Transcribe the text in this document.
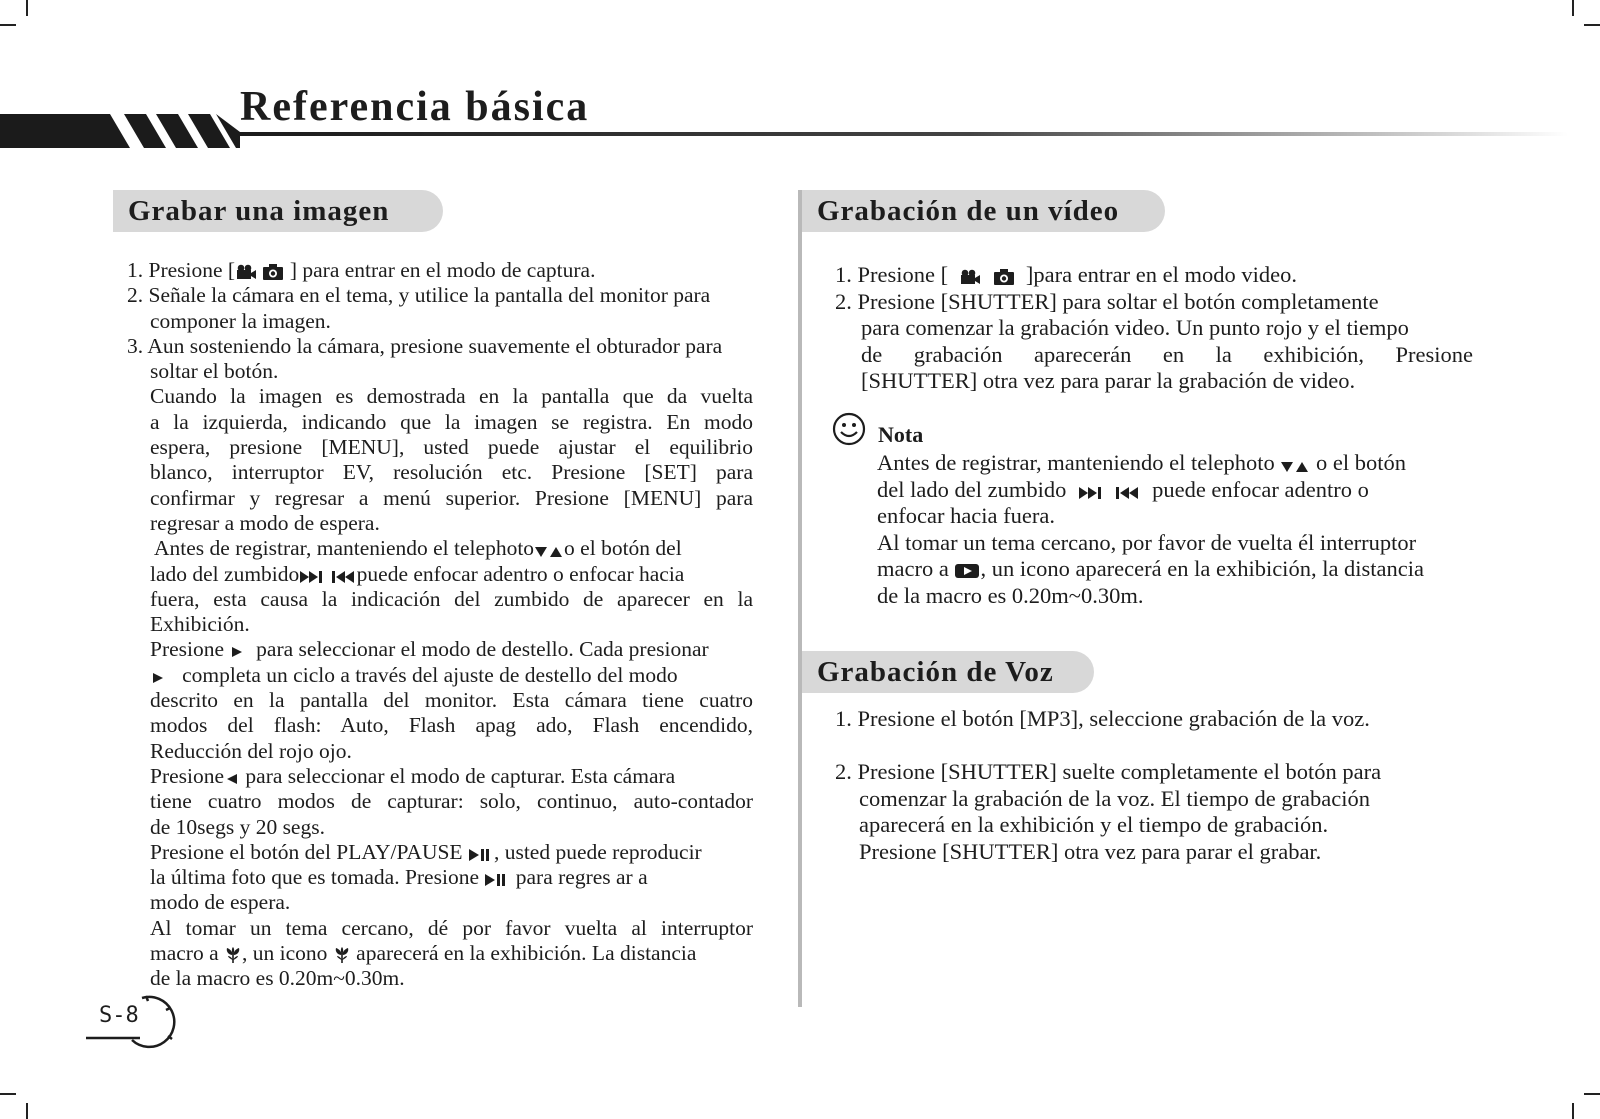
Referencia básica
Grabar una imagen
1. Presione [  ] para entrar en el modo de captura.
2. Señale la cámara en el tema, y utilice la pantalla del monitor para
componer la imagen.
3. Aun sosteniendo la cámara, presione suavemente el obturador para
soltar el botón.
Cuando la imagen es demostrada en la pantalla que da vuelta
a la izquierda, indicando que la imagen se registra. En modo
espera, presione [MENU], usted puede ajustar el equilibrio
blanco, interruptor EV, resolución etc. Presione [SET] para
confirmar y regresar a menú superior. Presione [MENU] para
regresar a modo de espera.
Antes de registrar, manteniendo el telephoto o el botón del
lado del zumbido	puede enfocar adentro o enfocar hacia
fuera, esta causa la indicación del zumbido de aparecer en la
Exhibición.
Presione para seleccionar el modo de destello. Cada presionar
completa un ciclo a través del ajuste de destello del modo
descrito en la pantalla del monitor. Esta cámara tiene cuatro
modos del flash: Auto, Flash apag ado, Flash encendido,
Reducción del rojo ojo.
Presione para seleccionar el modo de capturar. Esta cámara
tiene cuatro modos de capturar: solo, continuo, auto-contador
de 10segs y 20 segs.
Presione el botón del PLAY/PAUSE , usted puede reproducir
la última foto que es tomada. Presione para regres ar a
modo de espera.
Al tomar un tema cercano, dé por favor vuelta al interruptor
macro a , un icono aparecerá en la exhibición. La distancia
de la macro es 0.20m~0.30m.
Grabación de un vídeo
1. Presione [	]para entrar en el modo video.
2. Presione [SHUTTER] para soltar el botón completamente
para comenzar la grabación video. Un punto rojo y el tiempo
de grabación aparecerán en la exhibición, Presione
[SHUTTER] otra vez para parar la grabación de video.

Nota

Antes de registrar, manteniendo el telephoto o el botón
del lado del zumbido	puede enfocar adentro o
enfocar hacia fuera.
Al tomar un tema cercano, por favor de vuelta él interruptor
macro a , un icono aparecerá en la exhibición, la distancia
de la macro es 0.20m~0.30m.
Grabación de Voz
1. Presione el botón [MP3], seleccione grabación de la voz.
2. Presione [SHUTTER] suelte completamente el botón para
comenzar la grabación de la voz. El tiempo de grabación
aparecerá en la exhibición y el tiempo de grabación.
Presione [SHUTTER] otra vez para parar el grabar.
S-8
